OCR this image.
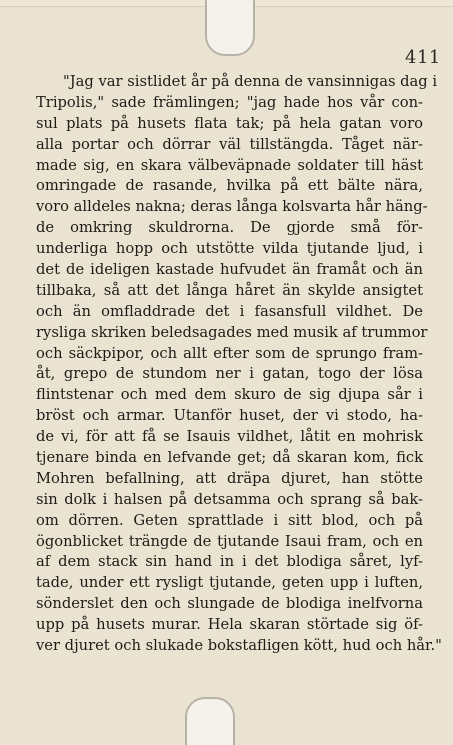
411
"Jag var sistlidet år på denna de vansinnigas dag i
Tripolis," sade främlingen; "jag hade hos vår con-
sul plats på husets flata tak; på hela gatan voro
alla portar och dörrar väl tillstängda. Tåget när-
made sig, en skara välbeväpnade soldater till häst
omringade de rasande, hvilka på ett bälte nära,
voro alldeles nakna; deras långa kolsvarta hår häng-
de omkring skuldrorna. De gjorde små för-
underliga hopp och utstötte vilda tjutande ljud, i
det de ideligen kastade hufvudet än framåt och än
tillbaka, så att det långa håret än skylde ansigtet
och än omfladdrade det i fasansfull vildhet. De
rysliga skriken beledsagades med musik af trummor
och säckpipor, och allt efter som de sprungo fram-
åt, grepo de stundom ner i gatan, togo der lösa
flintstenar och med dem skuro de sig djupa sår i
bröst och armar. Utanför huset, der vi stodo, ha-
de vi, för att få se Isauis vildhet, låtit en mohrisk
tjenare binda en lefvande get; då skaran kom, fick
Mohren befallning, att dräpa djuret, han stötte
sin dolk i halsen på detsamma och sprang så bak-
om dörren. Geten sprattlade i sitt blod, och på
ögonblicket trängde de tjutande Isaui fram, och en
af dem stack sin hand in i det blodiga såret, lyf-
tade, under ett rysligt tjutande, geten upp i luften,
sönderslet den och slungade de blodiga inelfvorna
upp på husets murar. Hela skaran störtade sig öf-
ver djuret och slukade bokstafligen kött, hud och hår."
